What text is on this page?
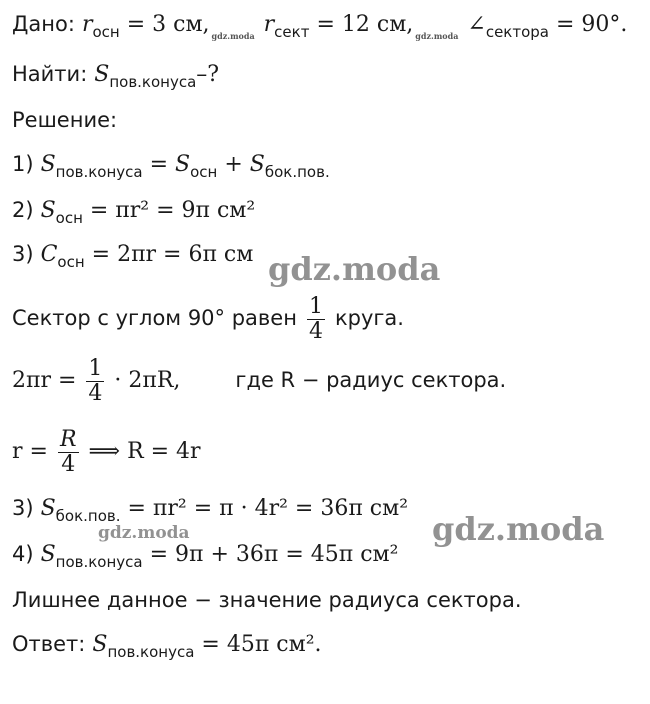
Дано: $r_{осн} = 3$ см, $_{gdz.moda}$ $r_{сект} = 12$ см, $_{gdz.moda}$ $\angle_{сектора} = 90^\circ$.
Найти: $S_{пов.конуса}-$?
Решение:
1) $S_{пов.конуса} = S_{осн} + S_{бок.пов.}$
2) $S_{осн} = \pi r^2 = 9\pi$ см²
3) $C_{осн} = 2\pi r = 6\pi$ см gdz.moda
Сектор с углом 90° равен $\frac{1}{4}$ круга.
$2\pi r = \frac{1}{4} \cdot 2\pi R$,	где R − радиус сектора.
$r = \frac{R}{4}$ ⟹ R = 4r
3) $S_{бок.пов.} = \pi r^2 = \pi \cdot 4r^2 = 36\pi$ см²
gdz.moda	gdz.moda
4) $S_{пов.конуса} = 9\pi + 36\pi = 45\pi$ см²
Лишнее данное − значение радиуса сектора.
Ответ: $S_{пов.конуса} = 45\pi$ см².
